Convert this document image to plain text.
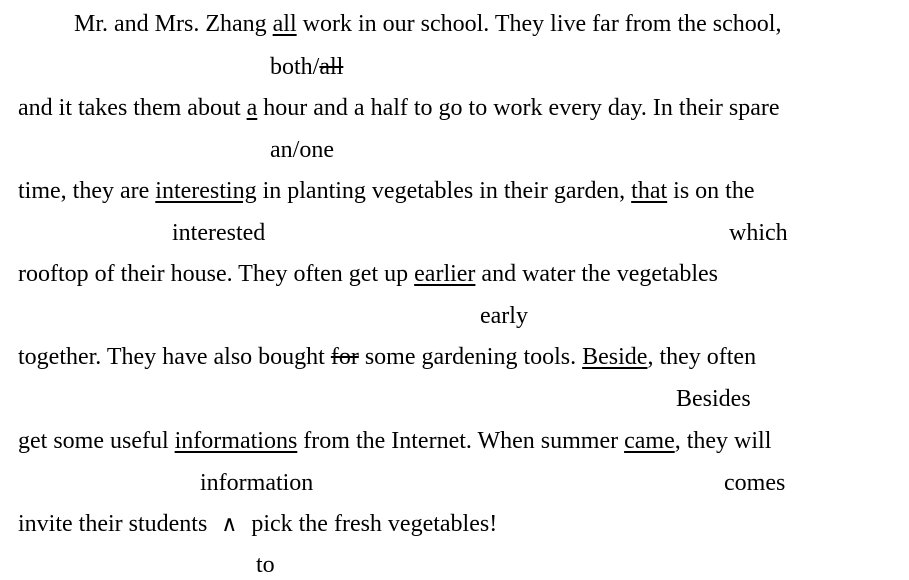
Mr. and Mrs. Zhang all work in our school. They live far from the school,
both/all
and it takes them about a hour and a half to go to work every day. In their spare
an/one
time, they are interesting in planting vegetables in their garden, that is on the
interested	which
rooftop of their house. They often get up earlier and water the vegetables
early
together. They have also bought for some gardening tools. Beside, they often
Besides
get some useful informations from the Internet. When summer came, they will
information	comes
invite their students ∧ pick the fresh vegetables!
to
